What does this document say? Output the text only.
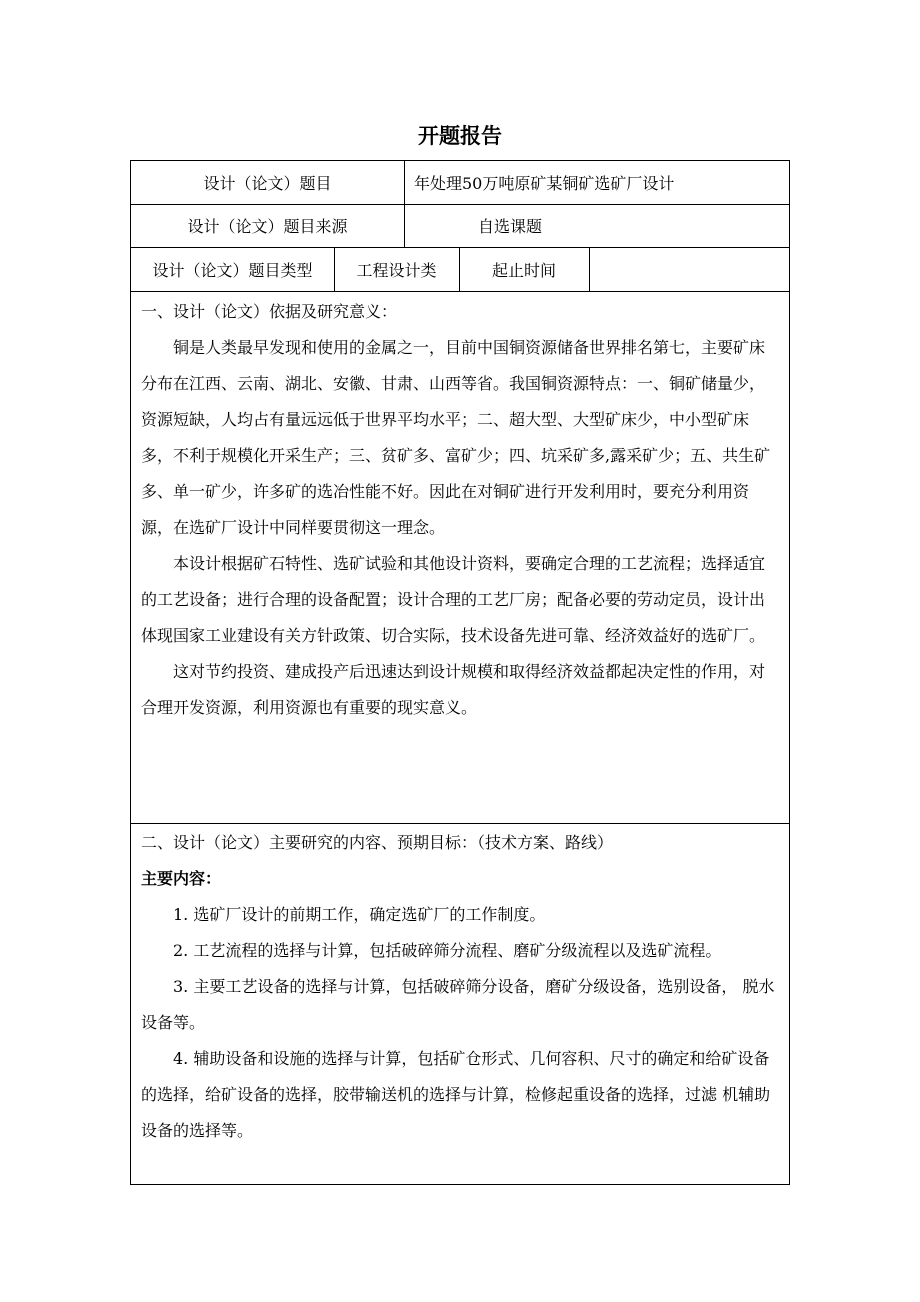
开题报告
设计（论文）题目	年处理50万吨原矿某铜矿选矿厂设计
设计（论文）题目来源	自选课题
设计（论文）题目类型	工程设计类	起止时间

一、设计（论文）依据及研究意义：

铜是人类最早发现和使用的金属之一，目前中国铜资源储备世界排名第七，主要矿床分布在江西、云南、湖北、安徽、甘肃、山西等省。我国铜资源特点：一、铜矿储量少，资源短缺，人均占有量远远低于世界平均水平；二、超大型、大型矿床少，中小型矿床多，不利于规模化开采生产；三、贫矿多、富矿少；四、坑采矿多,露采矿少；五、共生矿多、单一矿少，许多矿的选冶性能不好。因此在对铜矿进行开发利用时，要充分利用资源，在选矿厂设计中同样要贯彻这一理念。

本设计根据矿石特性、选矿试验和其他设计资料，要确定合理的工艺流程；选择适宜的工艺设备；进行合理的设备配置；设计合理的工艺厂房；配备必要的劳动定员，设计出体现国家工业建设有关方针政策、切合实际，技术设备先进可靠、经济效益好的选矿厂。

这对节约投资、建成投产后迅速达到设计规模和取得经济效益都起决定性的作用，对合理开发资源，利用资源也有重要的现实意义。

二、设计（论文）主要研究的内容、预期目标：（技术方案、路线）

主要内容：

1. 选矿厂设计的前期工作，确定选矿厂的工作制度。

2. 工艺流程的选择与计算，包括破碎筛分流程、磨矿分级流程以及选矿流程。

3. 主要工艺设备的选择与计算，包括破碎筛分设备，磨矿分级设备，选别设备， 脱水设备等。

4. 辅助设备和设施的选择与计算，包括矿仓形式、几何容积、尺寸的确定和给矿设备的选择，给矿设备的选择，胶带输送机的选择与计算，检修起重设备的选择，过滤 机辅助设备的选择等。
